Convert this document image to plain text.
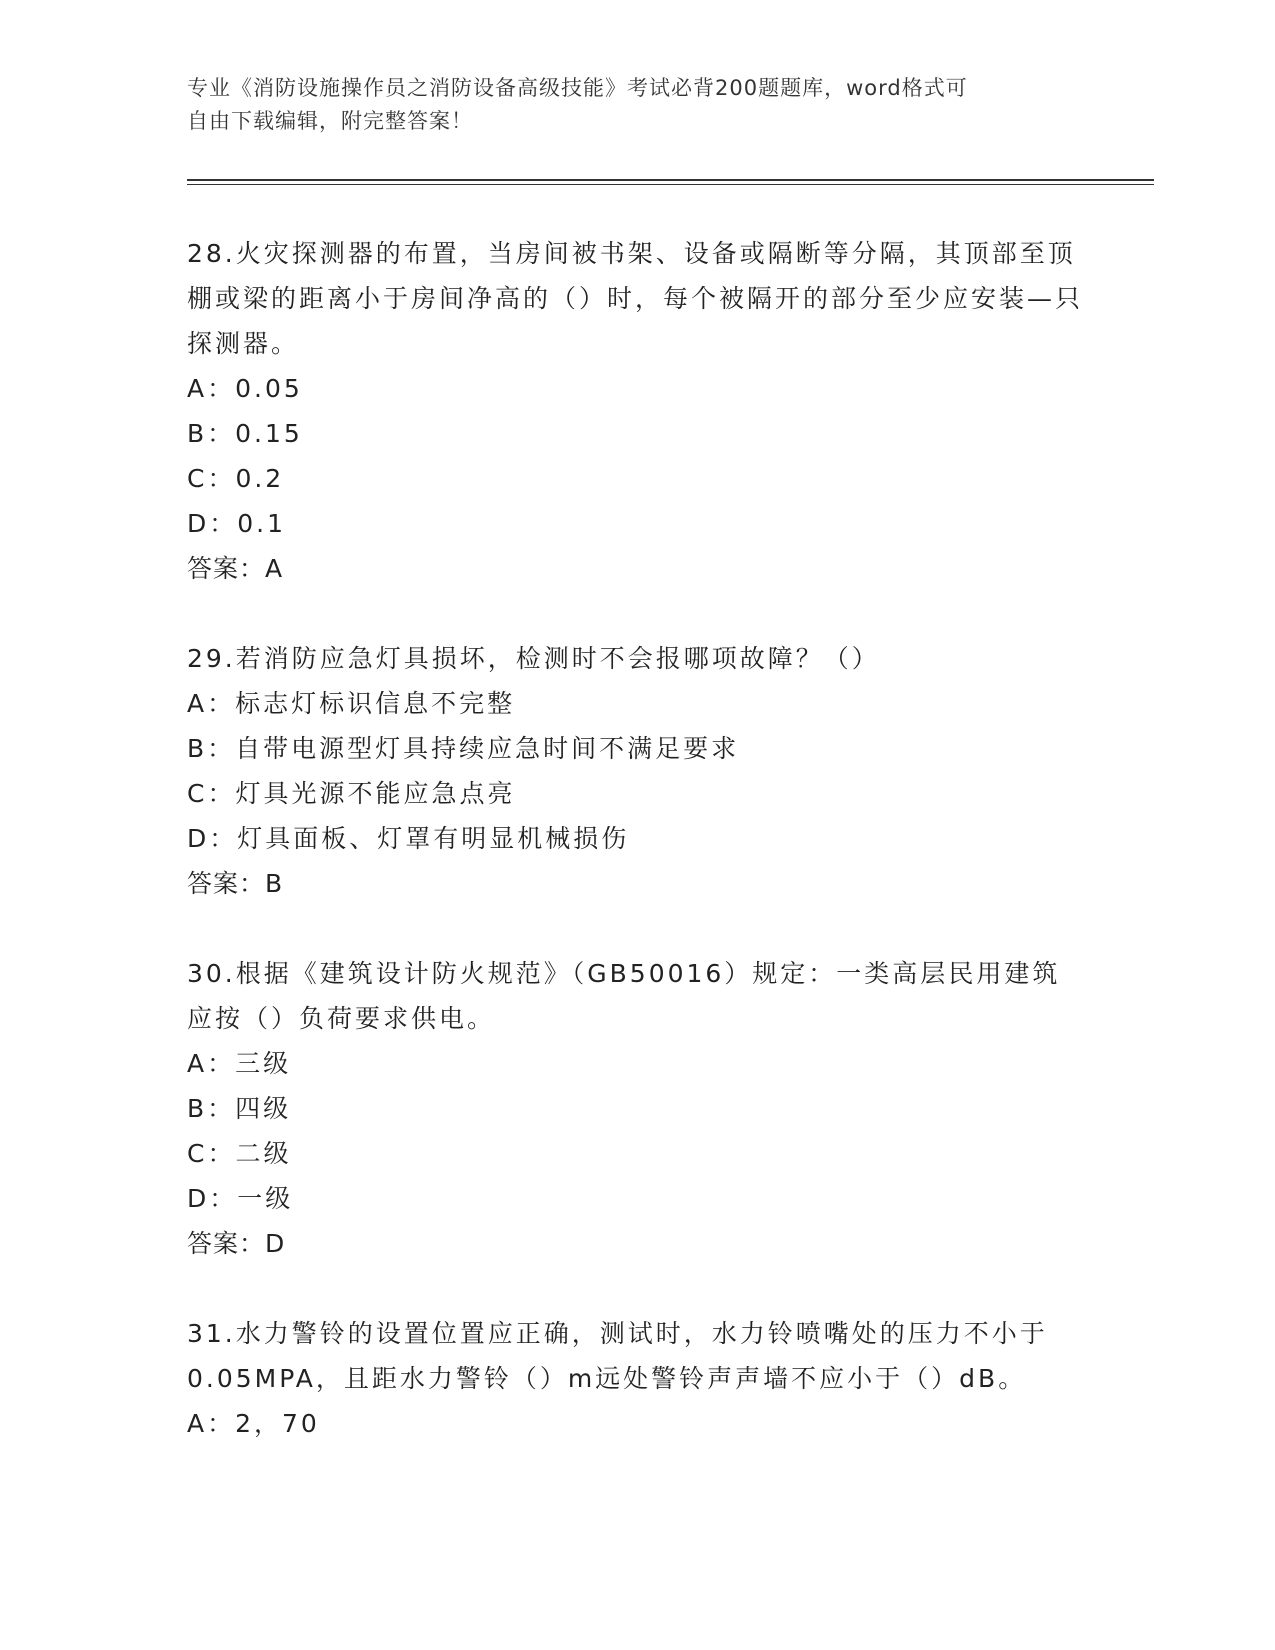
专业《消防设施操作员之消防设备高级技能》考试必背200题题库，word格式可
自由下载编辑，附完整答案！
28.火灾探测器的布置，当房间被书架、设备或隔断等分隔，其顶部至顶棚或梁的距离小于房间净高的（）时，每个被隔开的部分至少应安装—只探测器。
A：0.05
B：0.15
C：0.2
D：0.1
答案：A
29.若消防应急灯具损坏，检测时不会报哪项故障？（）
A：标志灯标识信息不完整
B：自带电源型灯具持续应急时间不满足要求
C：灯具光源不能应急点亮
D：灯具面板、灯罩有明显机械损伤
答案：B
30.根据《建筑设计防火规范》（GB50016）规定：一类高层民用建筑应按（）负荷要求供电。
A：三级
B：四级
C：二级
D：一级
答案：D
31.水力警铃的设置位置应正确，测试时，水力铃喷嘴处的压力不小于0.05MPA，且距水力警铃（）m远处警铃声声墙不应小于（）dB。
A：2，70
